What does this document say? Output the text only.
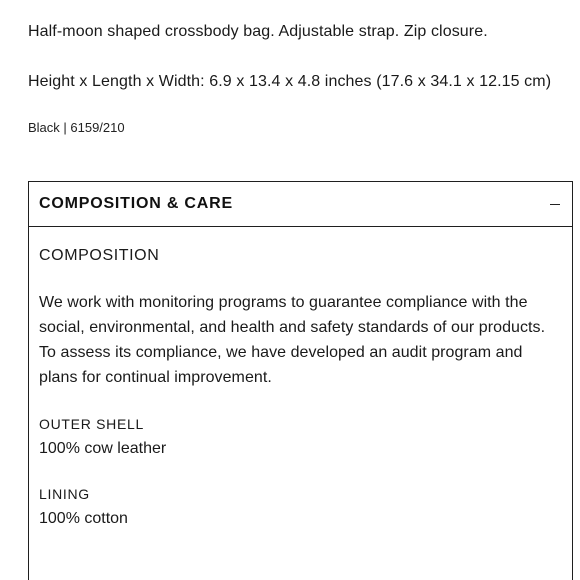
Half-moon shaped crossbody bag. Adjustable strap. Zip closure.

Height x Length x Width: 6.9 x 13.4 x 4.8 inches (17.6 x 34.1 x 12.15 cm)

Black | 6159/210

COMPOSITION & CARE

COMPOSITION

We work with monitoring programs to guarantee compliance with the social, environmental, and health and safety standards of our products. To assess its compliance, we have developed an audit program and plans for continual improvement.

OUTER SHELL

100% cow leather

LINING

100% cotton
